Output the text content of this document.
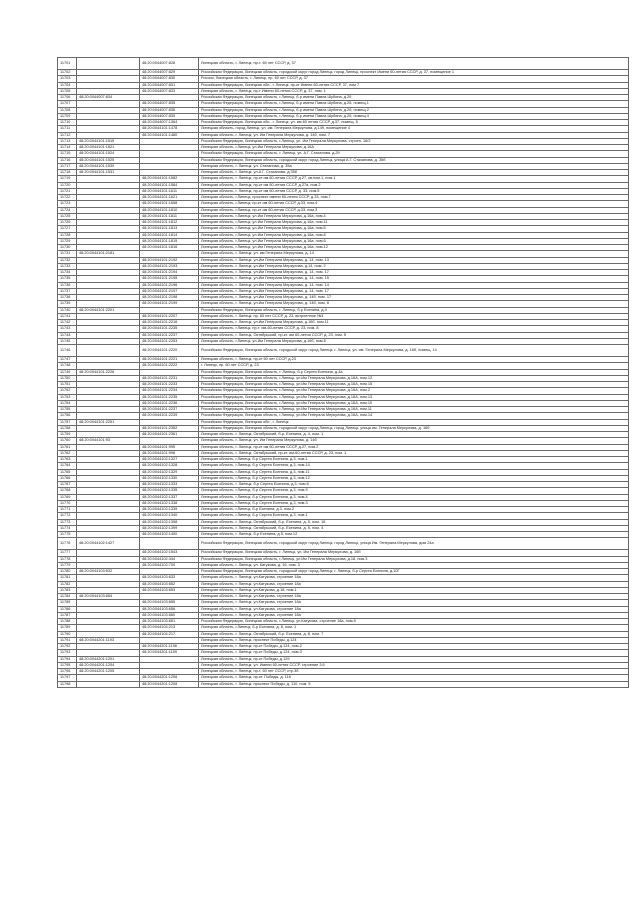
11701		48:20:0044007:828	Липецкая область, г. Липецк, пр-т. 60 лет СССР, д. 37
11702		48:20:0044007:829	Российская Федерация, Липецкая область, городской округ город Липецк, город Липецк, проспект Имени 60-летия СССР, д. 37, помещение 1
11703		48:20:0044007:830	Россия, Липецкая область, г. Липецк, пр. 60 лет СССР, д. 37
11704		48:20:0044007:831	Российская Федерация, Липецкая обл., г. Липецк, пр-кт Имени 60-летия СССР, 37, пом 7
11705		48:20:0044007:833	Липецкая область, г. Липецк, пр-т Имени 60-летия СССР, д. 37, пом. 1
11706	48:20:0044007:834		Российская Федерация, Липецкая область, г.Липецк, б-р имени Павла Шубина, д.26
11707		48:20:0044007:835	Российская Федерация, Липецкая область, г.Липецк, б-р имени Павла Шубина, д.26, помещ.1
11708		48:20:0044007:836	Российская Федерация, Липецкая область, г.Липецк, б-р имени Павла Шубина, д.26, помещ.2
11709		48:20:0044007:839	Российская Федерация, Липецкая область, г.Липецк, б-р имени Павла Шубина, д.26, помещ.4
11710		48:20:0044007:1364	Российская Федерация, Липецкая обл., г. Липецк, ул. им.60 летия СССР, д.37, помещ. 5
11711		48:20:0044101:1478	Липецкая область, город Липецк, ул. им. Генерала Меркулова, д.149, помещение 4
11712		48:20:0044101:1480	Липецкая область, г. Липецк, ул. Им Генерала Меркулова, д. 14б, пом. 7
11713	48:20:0044101:1515		Российская Федерация, Липецкая область, г.Липецк, ул. Им Генерала Меркулова, строен. 16/2
11714	48:20:0044101:1521		Липецкая область, г.Липецк, ул.Им Генерала Меркулова, д.16А
11715	48:20:0044101:1524		Российская Федерация, Липецкая область, г. Липецк, ул. А.Г. Стаханова, д.29
11716	48:20:0044101:1525		Российская Федерация, Липецкая область, городской округ город Липецк, улица А.Г. Стаханова, д. 35б
11717	48:20:0044101:1530		Липецкая область, г. Липецк, ул. Стаханова, д. 35а
11718	48:20:0044101:1531		Липецкая область, г. Липецк, ул.А.Г. Стаханова, д.35б
11719		48:20:0044101:1582	Липецкая область, г. Липецк, пр-кт им.60-летия СССР, д.27, кв.пом.1, пом.1
11720		48:20:0044101:1584	Липецкая область, г. Липецк, пр-кт им 60-летия СССР, д.27а, пом.2
11721		48:20:0044101:1611	Липецкая область, г. Липецк, пр-кт им 60-летия СССР, д. 33, пом.5
11722		48:20:0044101:1621	Липецкая область, г.Липецк, проспект имени 60-летия СССР, д.33, пом.7
11723		48:20:0044101:1698	Липецкая область, г.Липецк, пр-кт им 60-летия СССР, д.33, пом.4
11724		48:20:0044101:1810	Липецкая область, г.Липецк, пр-кт им 60-летия СССР, д.33, пом.3
11725		48:20:0044101:1811	Липецкая область, г.Липецк, ул.Им Генерала Меркулова, д.16а, пом.4
11726		48:20:0044101:1812	Липецкая область, г.Липецк, ул.Им Генерала Меркулова, д.16а, пом.11
11727		48:20:0044101:1813	Липецкая область, г.Липецк, ул.Им Генерала Меркулова, д.16а, пом.5
11728		48:20:0044101:1814	Липецкая область, г.Липецк, ул.Им Генерала Меркулова, д.16а, пом.8
11729		48:20:0044101:1815	Липецкая область, г.Липецк, ул.Им Генерала Меркулова, д.16а, пом.6
11730		48:20:0044101:1816	Липецкая область, г.Липецк, ул.Им Генерала Меркулова, д.16а, пом.12
11731	48:20:0044101:2181		Липецкая область, г. Липецк, ул. им Генерала Меркулова, д. 14
11732		48:20:0044101:2192	Липецкая область, г. Липецк, ул.Им Генерала Меркулова, д. 14, пом. 13
11733		48:20:0044101:2193	Липецкая область, г. Липецк, ул.Им Генерала Меркулова, д.14, пом. 2
11734		48:20:0044101:2194	Липецкая область, г. Липецк, ул.Им Генерала Меркулова, д. 14, пом. 17
11735		48:20:0044101:2195	Липецкая область, г. Липецк, ул.Им Генерала Меркулова, д. 14, пом. 15
11736		48:20:0044101:2196	Липецкая область, г. Липецк, ул.Им Генерала Меркулова, д. 14, пом. 14
11737		48:20:0044101:2197	Липецкая область, г. Липецк, ул.Им Генерала Меркулова, д. 14, пом. 17
11738		48:20:0044101:2198	Липецкая область, г. Липецк, ул.Им Генерала Меркулова, д. 14б, пом. 17
11739		48:20:0044101:2199	Липецкая область, г. Липецк, ул.Им Генерала Меркулова, д. 14б, пом. 6
11740	48:20:0044101:2201		Российская Федерация, Липецкая область, г. Липецк, б-р Есенина, д.4
11741		48:20:0044101:2207	Липецкая область, г. Липецк, пр. 60 лет СССР, д. 23, встроенное №3
11742		48:20:0044101:2216	Липецкая область, г. Липецк, ул.Им Генерала Меркулова, д.16б, пом.11
11743		48:20:0044101:2235	Липецкая область, г.Липецк, пр-т. им-60-летия СССР, д. 23, пом. 8
11744		48:20:0044101:2237	Липецкая область, г. Липецк, Октябрьский, пр-кт. им 60-летия СССР, д. 23, пом. 5
11745		48:20:0044101:2253	Липецкая область, г.Липецк, ул.Им Генерала Меркулова, д.16б, пом.6
11746		48:20:0044101:2220	Российская Федерация, Липецкая область, городской округ город Липецк, г. Липецк, ул. им. Генерала Меркулова, д. 16б, помещ. 14
11747		48:20:0044101:2221	Липецкая область, г. Липецк, пр-кт 60 лет СССР, д.23
11748		48:20:0044101:2222	г. Липецк, пр. 60 лет СССР, д. 23
11749	48:20:0044101:2226		Российская Федерация, Липецкая область, г. Липецк, б-р Сергея Есенина, д.4а
11750		48:20:0044101:2231	Российская Федерация, Липецкая область, г.Липецк, ул.Им Генерала Меркулова, д.16А, пом.12
11751		48:20:0044101:2233	Российская Федерация, Липецкая область, г.Липецк, ул.Им Генерала Меркулова, д.16А, пом.15
11752		48:20:0044101:2234	Российская Федерация, Липецкая область, г.Липецк, ул.Им Генерала Меркулова, д.16А, пом.2
11753		48:20:0044101:2235	Российская Федерация, Липецкая область, г.Липецк, ул.Им Генерала Меркулова, д.16А, пом.13
11754		48:20:0044101:2236	Российская Федерация, Липецкая область, г.Липецк, ул.Им Генерала Меркулова, д.16А, пом.10
11755		48:20:0044101:2237	Российская Федерация, Липецкая область, г.Липецк, ул.Им Генерала Меркулова, д.16А, пом.11
11756		48:20:0044101:2239	Российская Федерация, Липецкая область, г.Липецк, ул.Им Генерала Меркулова, д.16А, пом.14
11757	48:20:0044101:2251		Российская Федерация, Липецкая обл., г. Липецк
11758		48:20:0044101:2352	Российская Федерация, Липецкая область, городской округ город Липецк, город Липецк, улица им. Генерала Меркулова, д. 16б
11759		48:20:0044101:2361	Липецкая область, г. Липецк, Октябрьский, б-р. Есенина, д. 4, пом. 1
11760	48:20:0044101:93		Липецкая область, г. Липецк, ул. Им Генерала Меркулова, д. 14б
11761		48:20:0044101:995	Липецкая область, г. Липецк, пр-кт им 60-летия СССР, д.27, пом.2
11762		48:20:0044101:998	Липецкая область, г. Липецк, Октябрьский, пр-кт. им-60-летия СССР, д. 23, пом. 1
11763		48:20:0044102:1327	Липецкая область, г.Липецк, б-р Сергея Есенина, д.3, пом.1
11764		48:20:0044102:1328	Липецкая область, г.Липецк, б-р Сергея Есенина, д.3, пом.14
11765		48:20:0044102:1329	Липецкая область, г.Липецк, б-р Сергея Есенина, д.3, пом.11
11766		48:20:0044102:1330	Липецкая область, г.Липецк, б-р Сергея Есенина, д.3, пом.12
11767		48:20:0044102:1333	Липецкая область, г. Липецк, б-р Сергея Есенина, д.3, пом.6
11768		48:20:0044102:1335	Липецкая область, г.Липецк, б-р Сергея Есенина, д.3, пом.9
11769		48:20:0044102:1337	Липецкая область, г.Липецк, б-р Сергея Есенина, д.3, пом.4
11770		48:20:0044102:1338	Липецкая область, г.Липецк, б-р Сергея Есенина, д.3, пом.3
11771		48:20:0044102:1339	Липецкая область, г.Липецк, б-р Есенина, д.3, пом.2
11772		48:20:0044102:1340	Липецкая область, г.Липецк, б-р Сергея Есенина, д.3, пом.1
11773		48:20:0044102:1398	Липецкая область, г. Липецк, Октябрьский, б-р. Есенина, д. 5, пом. 16
11774		48:20:0044102:1399	Липецкая область, г. Липецк, Октябрьский, б-р. Есенина, д. 5, пом. 4
11775		48:20:0044102:1400	Липецкая область, г. Липецк, б-р Есенина, д.5, пом.12
11776	48:20:0044102:1427		Российская Федерация, Липецкая область, городской округ город Липецк, город Липецк, улица Им. Генерала Меркулова, дом 24а
11777		48:20:0044102:1543	Российская Федерация, Липецкая область, г. Липецк, ул. Им Генерала Меркулова, д. 16б
11778		48:20:0044102:344	Российская Федерация, Липецкая область, г.Липецк, ул.Им Генерала Меркулова, д.18, пом.3
11779		48:20:0044102:700	Липецкая область, г. Липецк, ул. Катукова, д. 16, пом. 3
11780	48:20:0044103:632		Российская Федерация, Липецкая область, городской округ город Липецк, г. Липецк, б-р Сергея Есенина, д.10Г
11781		48:20:0044103:633	Липецкая область, г. Липецк, ул.Катукова, строение 18а
11782		48:20:0044103:652	Липецкая область, г. Липецк, ул.Катукова, строение 18а
11783		48:20:0044103:653	Липецкая область, г. Липецк, ул.Катукова, д.18, пом.1
11784	48:20:0044103:654		Липецкая область, г. Липецк, ул.Катукова, строение 18а
11785		48:20:0044103:655	Липецкая область, г. Липецк, ул.Катукова, строение 18а
11786		48:20:0044103:656	Липецкая область, г. Липецк, ул.Катукова, строение 18а
11787		48:20:0044103:660	Липецкая область, г. Липецк, ул.Катукова, строение 18а
11788		48:20:0044103:661	Российская Федерация, Липецкая область, г.Липецк, ул.Катукова, строение 18а, пом.5
11789		48:20:0044104:213	Липецкая область, г.Липецк, б-р Есенина, д. 8, пом. 1
11790		48:20:0044104:217	Липецкая область, г. Липецк, Октябрьский, б-р. Есенина, д. 8, пом. 7
11791	48:20:0044201:1193		Липецкая область, г. Липецк, проспект Победы, д.124
11792		48:20:0044201:1196	Липецкая область, г. Липецк, пр-кт Победы, д.124, пом.2
11793		48:20:0044201:1199	Липецкая область, г. Липецк, пр-кт Победы, д.124, пом.3
11794	48:20:0044201:1201		Липецкая область, г. Липецк, пр-кт Победы, д.129
11795	48:20:0044201:1204		Липецкая область, г. Липецк, ул. Имени 60-летия СССР, строение 3.6
11796	48:20:0044201:1205		Липецкая область, г. Липецк, пр-т. 60 лет СССР, стр.3б
11797		48:20:0044201:1206	Липецкая область, г. Липецк, пр-кт. Победы, д. 116
11798		48:20:0044201:1208	Липецкая область, г. Липецк, проспект Победы, д. 110, пом. 5
